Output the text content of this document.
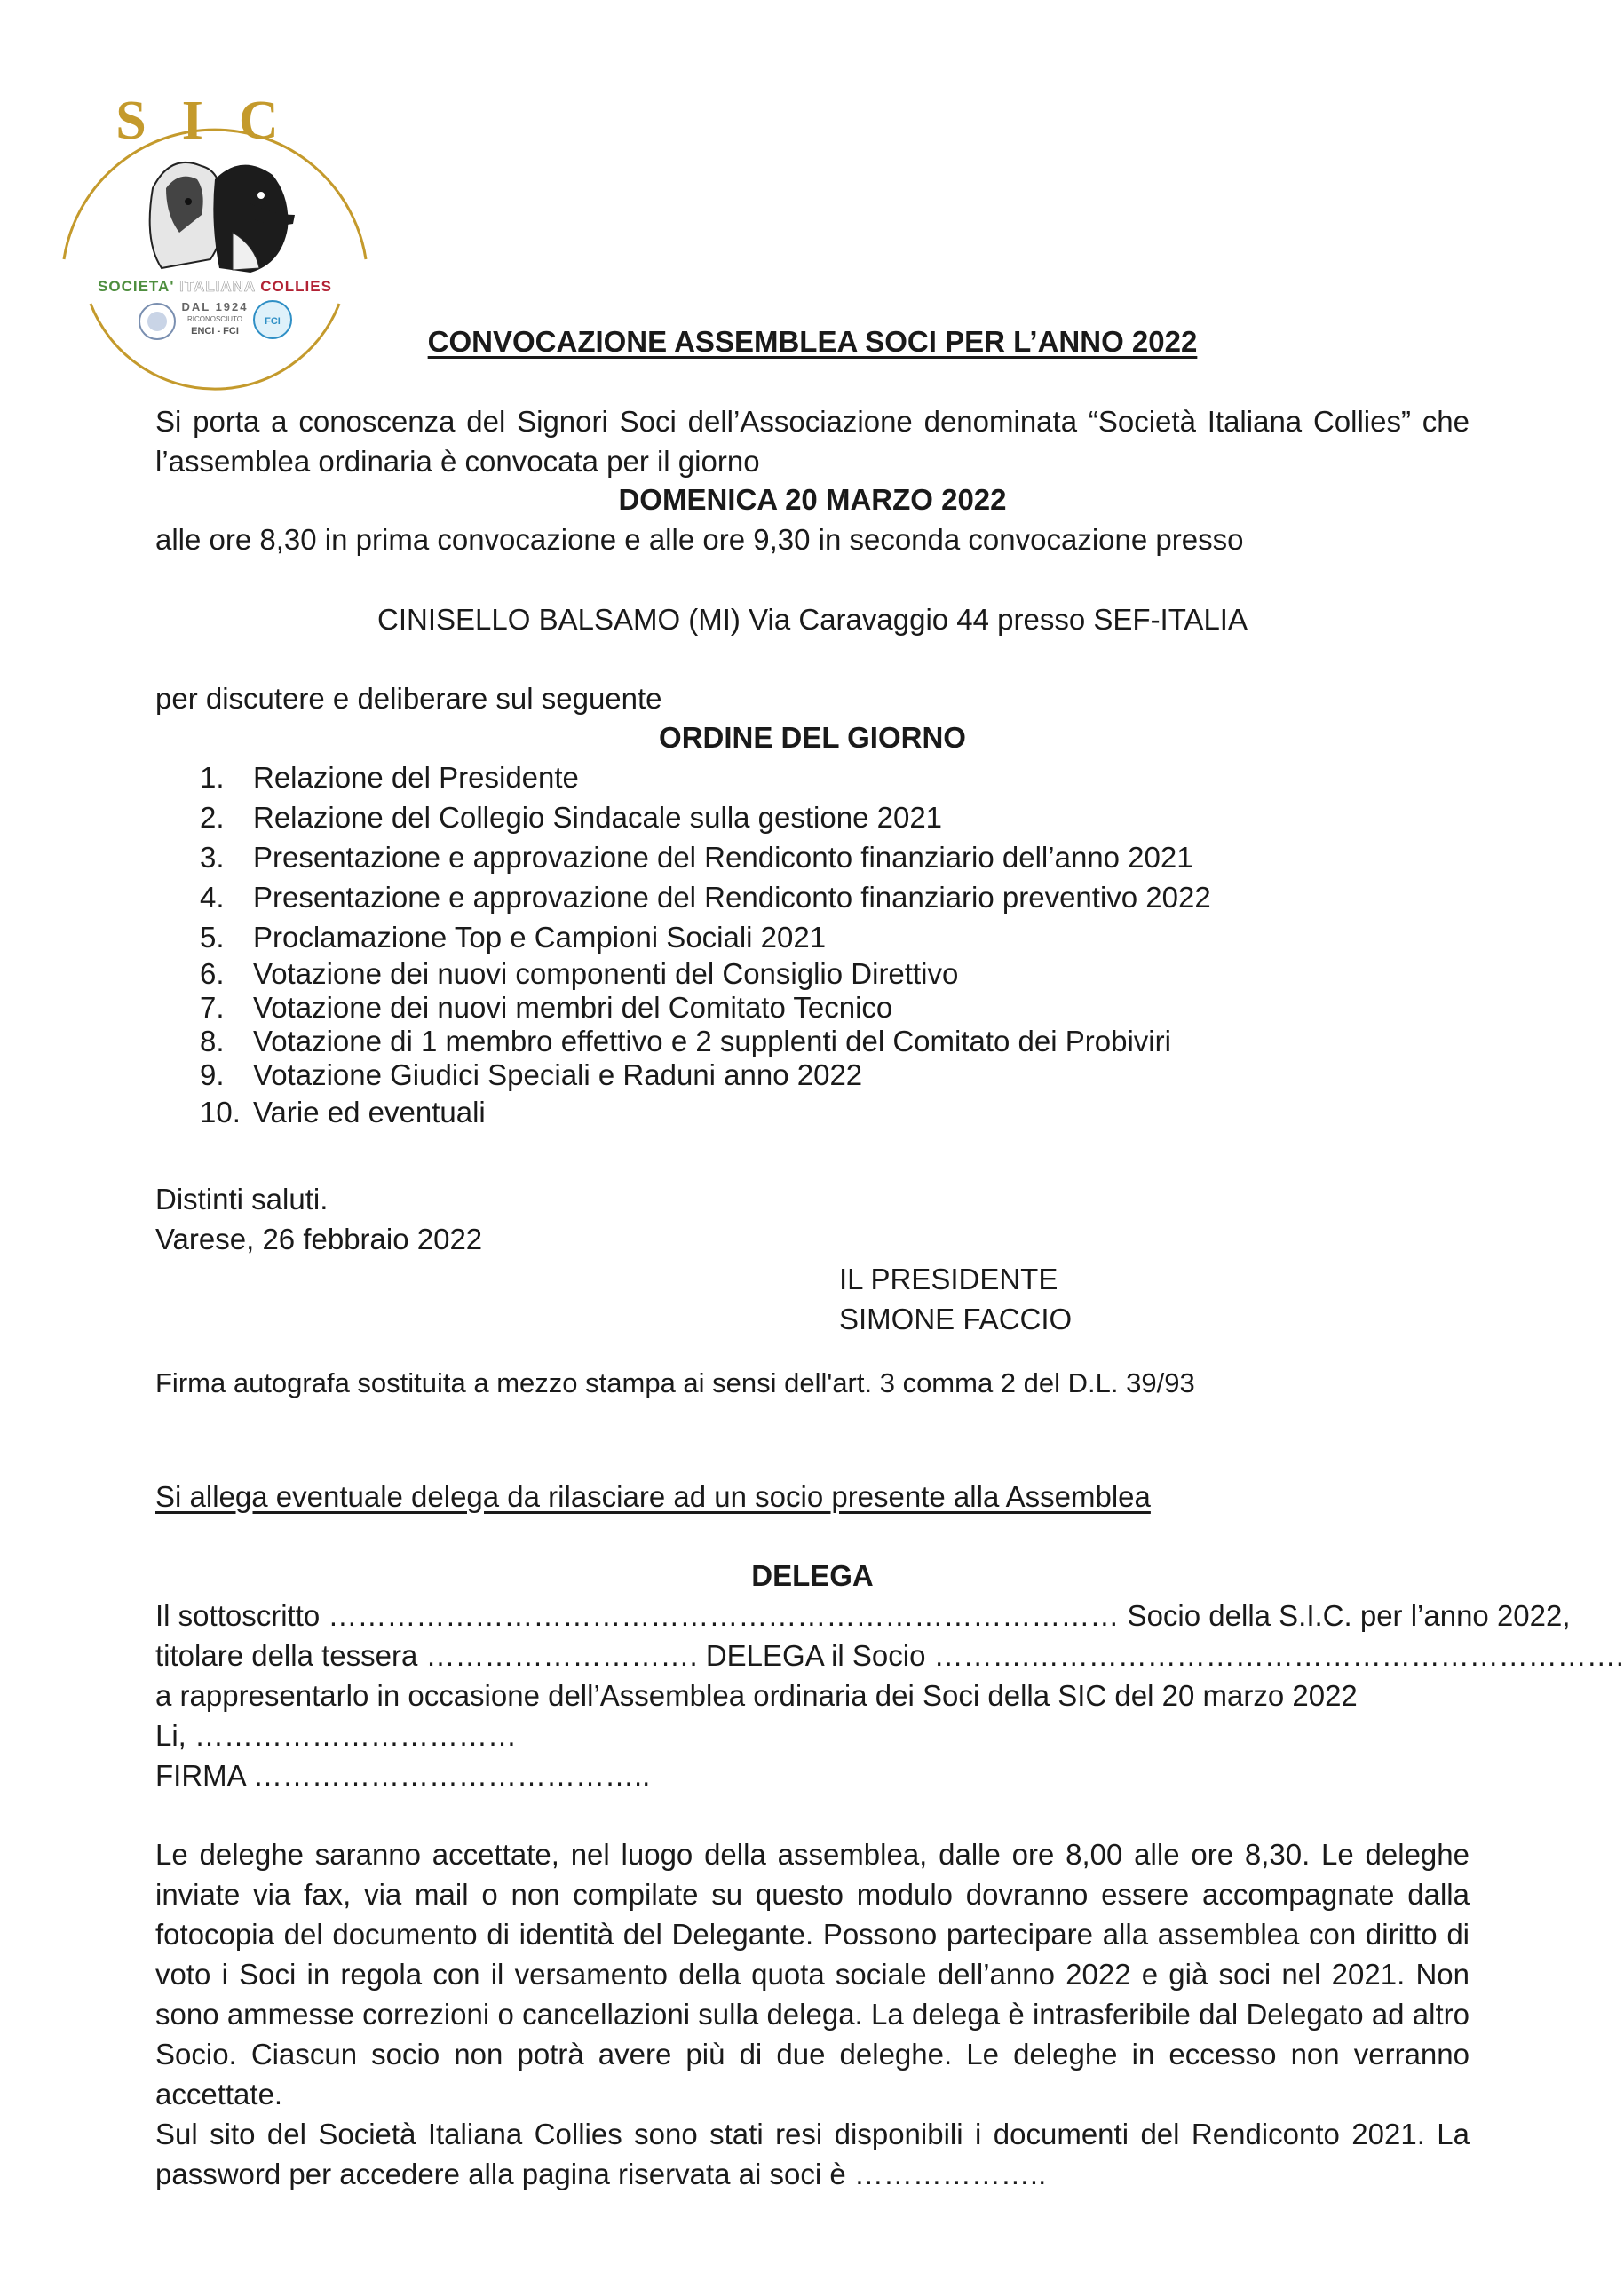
SIC
SOCIETA' ITALIANA COLLIES
DAL 1924
RICONOSCIUTO
ENCI - FCI
FCI
CONVOCAZIONE ASSEMBLEA SOCI PER L’ANNO 2022
Si porta a conoscenza del Signori Soci dell’Associazione denominata “Società Italiana Collies” che l’assemblea ordinaria è convocata per il giorno
DOMENICA 20 MARZO 2022
alle ore 8,30 in prima convocazione e alle ore 9,30 in seconda convocazione presso
CINISELLO BALSAMO (MI) Via Caravaggio 44 presso SEF-ITALIA
per discutere e deliberare sul seguente
ORDINE DEL GIORNO
1. Relazione del Presidente
2. Relazione del Collegio Sindacale sulla gestione 2021
3. Presentazione e approvazione del Rendiconto finanziario dell’anno 2021
4. Presentazione e approvazione del Rendiconto finanziario preventivo 2022
5. Proclamazione Top e Campioni Sociali 2021
6. Votazione dei nuovi componenti del Consiglio Direttivo
7. Votazione dei nuovi membri del Comitato Tecnico
8. Votazione di 1 membro effettivo e 2 supplenti del Comitato dei Probiviri
9. Votazione Giudici Speciali e Raduni anno 2022
10. Varie ed eventuali
Distinti saluti.
Varese, 26 febbraio 2022
IL PRESIDENTE
SIMONE FACCIO
Firma autografa sostituita a mezzo stampa ai sensi dell'art. 3 comma 2 del D.L. 39/93
Si allega eventuale delega da rilasciare ad un socio presente alla Assemblea
DELEGA
Il sottoscritto ……………………………………………………………………… Socio della S.I.C. per l’anno 2022,
titolare della tessera ………………………. DELEGA il Socio ……….…………………………………………………….
a rappresentarlo in occasione dell’Assemblea ordinaria dei Soci della SIC del 20 marzo 2022
Li, ……………………………
FIRMA …………………………………..
Le deleghe saranno accettate, nel luogo della assemblea, dalle ore 8,00 alle ore 8,30. Le deleghe inviate via fax, via mail o non compilate su questo modulo dovranno essere accompagnate dalla fotocopia del documento di identità del Delegante. Possono partecipare alla assemblea con diritto di voto i Soci in regola con il versamento della quota sociale dell’anno 2022 e già soci nel 2021. Non sono ammesse correzioni o cancellazioni sulla delega. La delega è intrasferibile dal Delegato ad altro Socio. Ciascun socio non potrà avere più di due deleghe. Le deleghe in eccesso non verranno accettate.
Sul sito del Società Italiana Collies sono stati resi disponibili i documenti del Rendiconto 2021. La password per accedere alla pagina riservata ai soci è ………………..
